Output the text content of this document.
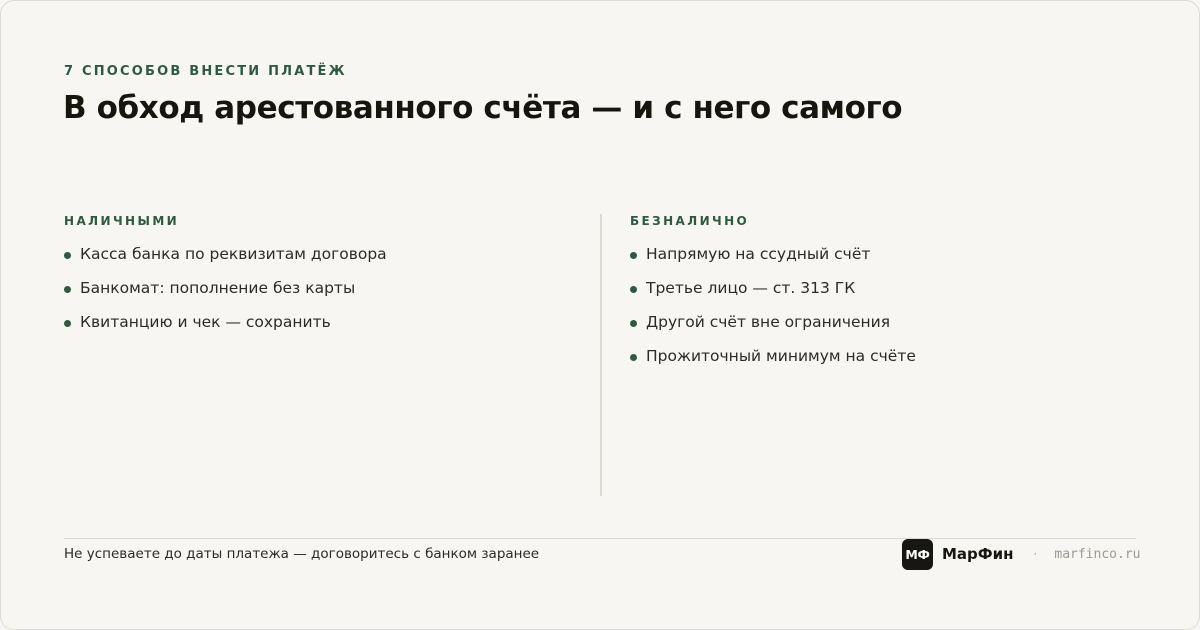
7 СПОСОБОВ ВНЕСТИ ПЛАТЁЖ
В обход арестованного счёта — и с него самого
НАЛИЧНЫМИ
Касса банка по реквизитам договора
Банкомат: пополнение без карты
Квитанцию и чек — сохранить
БЕЗНАЛИЧНО
Напрямую на ссудный счёт
Третье лицо — ст. 313 ГК
Другой счёт вне ограничения
Прожиточный минимум на счёте
Не успеваете до даты платежа — договоритесь с банком заранее	МФ МарФин · marfinco.ru
